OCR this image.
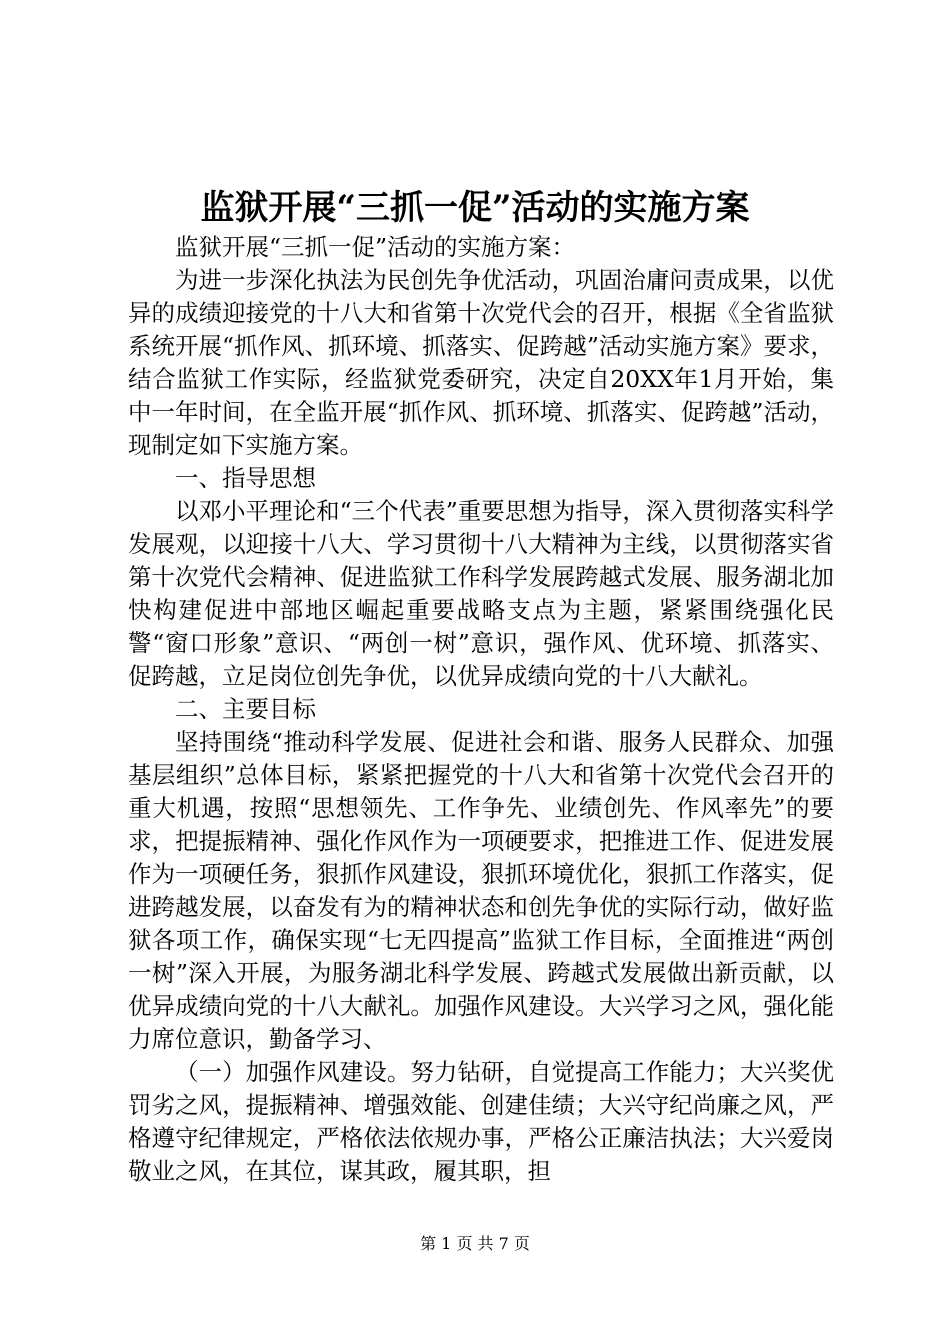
监狱开展“三抓一促”活动的实施方案

监狱开展“三抓一促”活动的实施方案：

为进一步深化执法为民创先争优活动，巩固治庸问责成果，以优异的成绩迎接党的十八大和省第十次党代会的召开，根据《全省监狱系统开展“抓作风、抓环境、抓落实、促跨越”活动实施方案》要求，结合监狱工作实际，经监狱党委研究，决定自20XX年1月开始，集中一年时间，在全监开展“抓作风、抓环境、抓落实、促跨越”活动，现制定如下实施方案。

一、指导思想

以邓小平理论和“三个代表”重要思想为指导，深入贯彻落实科学发展观，以迎接十八大、学习贯彻十八大精神为主线，以贯彻落实省第十次党代会精神、促进监狱工作科学发展跨越式发展、服务湖北加快构建促进中部地区崛起重要战略支点为主题，紧紧围绕强化民警“窗口形象”意识、“两创一树”意识，强作风、优环境、抓落实、促跨越，立足岗位创先争优，以优异成绩向党的十八大献礼。

二、主要目标

坚持围绕“推动科学发展、促进社会和谐、服务人民群众、加强基层组织”总体目标，紧紧把握党的十八大和省第十次党代会召开的重大机遇，按照“思想领先、工作争先、业绩创先、作风率先”的要求，把提振精神、强化作风作为一项硬要求，把推进工作、促进发展作为一项硬任务，狠抓作风建设，狠抓环境优化，狠抓工作落实，促进跨越发展，以奋发有为的精神状态和创先争优的实际行动，做好监狱各项工作，确保实现“七无四提高”监狱工作目标，全面推进“两创一树”深入开展，为服务湖北科学发展、跨越式发展做出新贡献，以优异成绩向党的十八大献礼。加强作风建设。大兴学习之风，强化能力席位意识，勤备学习、

（一）加强作风建设。努力钻研，自觉提高工作能力；大兴奖优罚劣之风，提振精神、增强效能、创建佳绩；大兴守纪尚廉之风，严格遵守纪律规定，严格依法依规办事，严格公正廉洁执法；大兴爱岗敬业之风，在其位，谋其政，履其职，担

第 1 页 共 7 页
